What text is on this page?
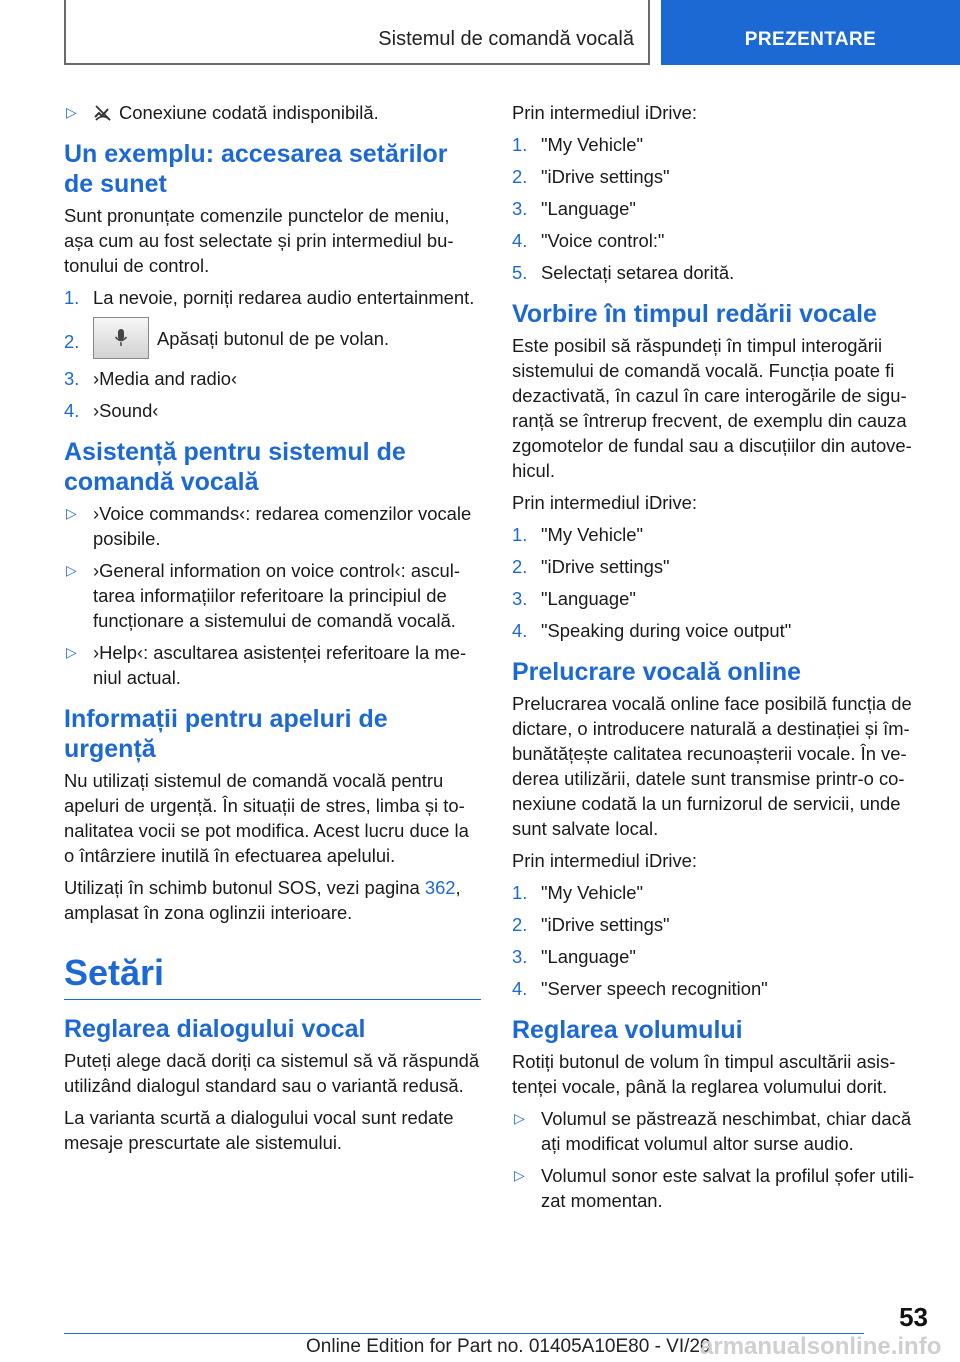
Sistemul de comandă vocală	PREZENTARE
▷ Conexiune codată indisponibilă.
Un exemplu: accesarea setărilor de sunet

Sunt pronunțate comenzile punctelor de meniu, așa cum au fost selectate și prin intermediul butonului de control.

1. La nevoie, porniți redarea audio entertainment.
2.	Apăsați butonul de pe volan.
3. ›Media and radio‹
4. ›Sound‹
Asistență pentru sistemul de comandă vocală
▷ ›Voice commands‹: redarea comenzilor vocale posibile.
▷ ›General information on voice control‹: ascultarea informațiilor referitoare la principiul de funcționare a sistemului de comandă vocală.
▷ ›Help‹: ascultarea asistenței referitoare la meniul actual.
Informații pentru apeluri de urgență

Nu utilizați sistemul de comandă vocală pentru apeluri de urgență. În situații de stres, limba și tonalitatea vocii se pot modifica. Acest lucru duce la o întârziere inutilă în efectuarea apelului.

Utilizați în schimb butonul SOS, vezi pagina 362, amplasat în zona oglinzii interioare.

Setări
Reglarea dialogului vocal

Puteți alege dacă doriți ca sistemul să vă răspundă utilizând dialogul standard sau o variantă redusă.

La varianta scurtă a dialogului vocal sunt redate mesaje prescurtate ale sistemului.

Prin intermediul iDrive:

1. "My Vehicle"
2. "iDrive settings"
3. "Language"
4. "Voice control:"
5. Selectați setarea dorită.
Vorbire în timpul redării vocale

Este posibil să răspundeți în timpul interogării sistemului de comandă vocală. Funcția poate fi dezactivată, în cazul în care interogările de siguranță se întrerup frecvent, de exemplu din cauza zgomotelor de fundal sau a discuțiilor din autovehicul.

Prin intermediul iDrive:

1. "My Vehicle"
2. "iDrive settings"
3. "Language"
4. "Speaking during voice output"
Prelucrare vocală online

Prelucrarea vocală online face posibilă funcția de dictare, o introducere naturală a destinației și îmbunătățește calitatea recunoașterii vocale. În vederea utilizării, datele sunt transmise printr-o conexiune codată la un furnizorul de servicii, unde sunt salvate local.

Prin intermediul iDrive:

1. "My Vehicle"
2. "iDrive settings"
3. "Language"
4. "Server speech recognition"
Reglarea volumului

Rotiți butonul de volum în timpul ascultării asistenței vocale, până la reglarea volumului dorit.

▷ Volumul se păstrează neschimbat, chiar dacă ați modificat volumul altor surse audio.
▷ Volumul sonor este salvat la profilul șofer utilizat momentan.
53
Online Edition for Part no. 01405A10E80 - VI/20
armanualsonline.info
